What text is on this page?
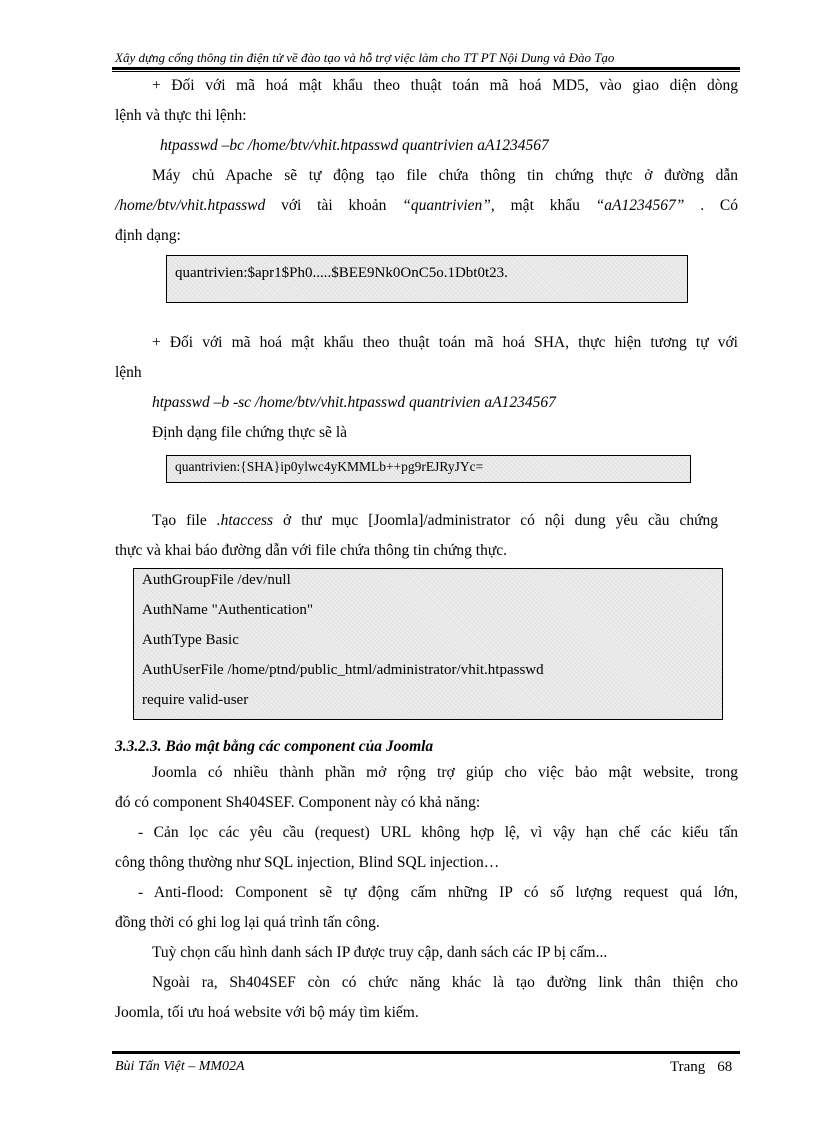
Xây dựng cổng thông tin điện tử về đào tạo và hỗ trợ việc làm cho TT PT Nội Dung và Đào Tạo
+ Đối với mã hoá mật khẩu theo thuật toán mã hoá MD5, vào giao diện dòng
lệnh và thực thi lệnh:
htpasswd –bc /home/btv/vhit.htpasswd quantrivien aA1234567
Máy chủ Apache sẽ tự động tạo file chứa thông tin chứng thực ở đường dẫn
/home/btv/vhit.htpasswd với tài khoản “quantrivien”, mật khẩu “aA1234567” . Có
định dạng:
quantrivien:$apr1$Ph0.....$BEE9Nk0OnC5o.1Dbt0t23.
+ Đối với mã hoá mật khẩu theo thuật toán mã hoá SHA, thực hiện tương tự với
lệnh
htpasswd –b -sc /home/btv/vhit.htpasswd quantrivien aA1234567
Định dạng file chứng thực sẽ là
quantrivien:{SHA}ip0ylwc4yKMMLb++pg9rEJRyJYc=
Tạo file .htaccess ở thư mục [Joomla]/administrator có nội dung yêu cầu chứng
thực và khai báo đường dẫn với file chứa thông tin chứng thực.
AuthGroupFile /dev/null
AuthName "Authentication"
AuthType Basic
AuthUserFile /home/ptnd/public_html/administrator/vhit.htpasswd
require valid-user
3.3.2.3. Bảo mật bằng các component của Joomla
Joomla có nhiều thành phần mở rộng trợ giúp cho việc bảo mật website, trong
đó có component Sh404SEF. Component này có khả năng:
- Cản lọc các yêu cầu (request) URL không hợp lệ, vì vậy hạn chế các kiểu tấn
công thông thường như SQL injection, Blind SQL injection…
- Anti-flood: Component sẽ tự động cấm những IP có số lượng request quá lớn,
đồng thời có ghi log lại quá trình tấn công.
Tuỳ chọn cấu hình danh sách IP được truy cập, danh sách các IP bị cấm...
Ngoài ra, Sh404SEF còn có chức năng khác là tạo đường link thân thiện cho
Joomla, tối ưu hoá website với bộ máy tìm kiếm.
Bùi Tấn Việt – MM02A	Trang 68
